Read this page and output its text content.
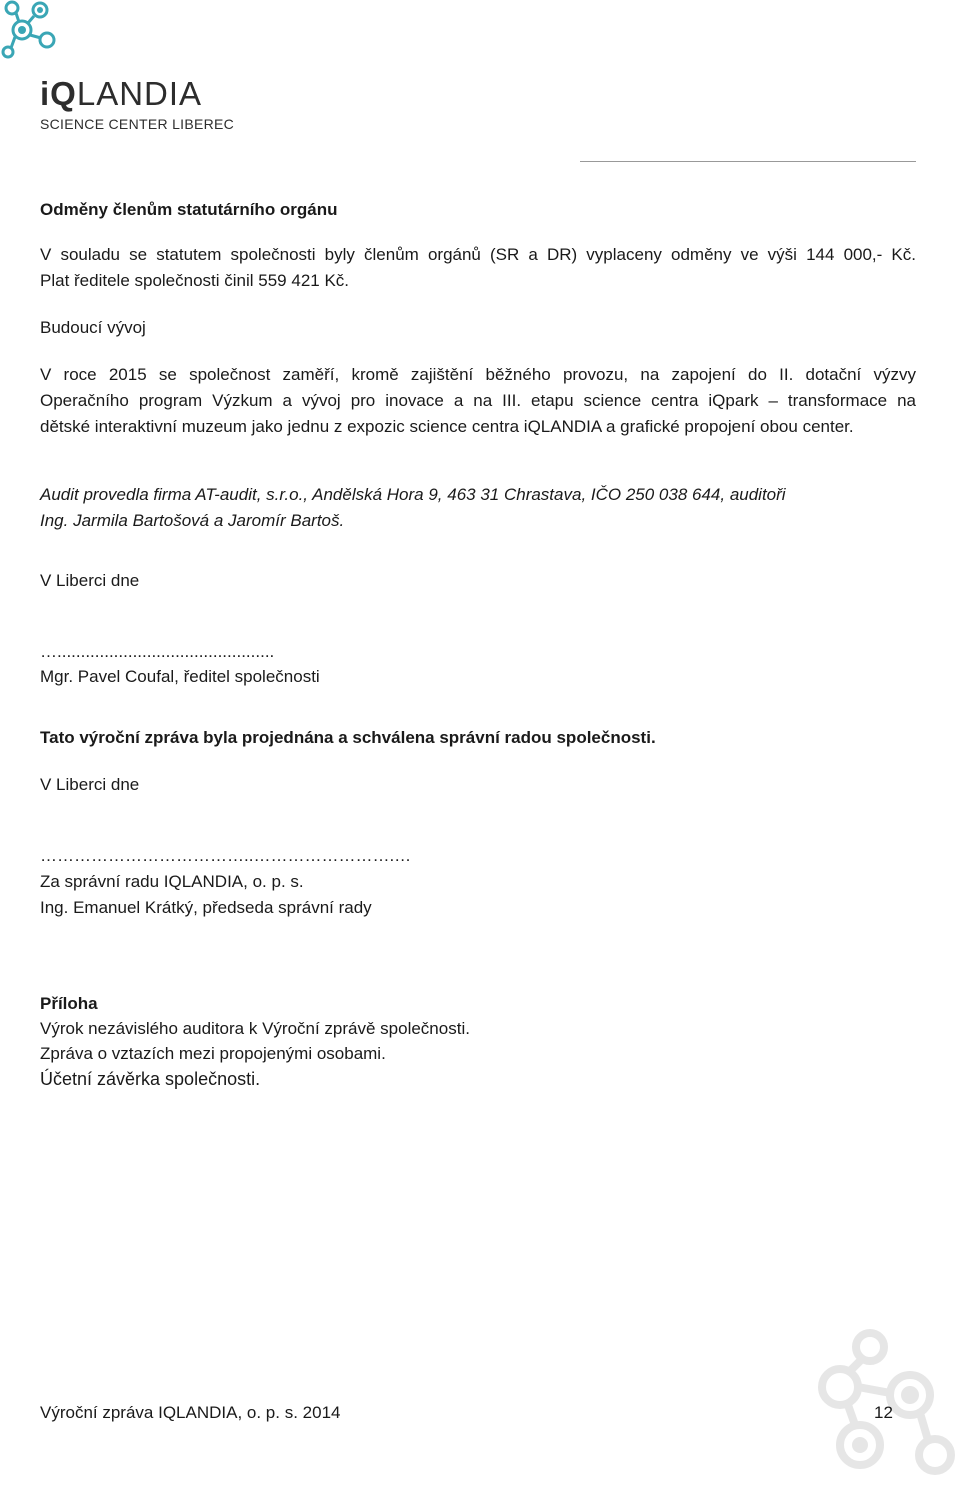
iQLANDIA
SCIENCE CENTER LIBEREC
Odměny členům statutárního orgánu
V souladu se statutem společnosti byly členům orgánů (SR a DR) vyplaceny odměny ve výši 144 000,- Kč.
Plat ředitele společnosti činil 559 421 Kč.
Budoucí vývoj
V roce 2015 se společnost zaměří, kromě zajištění běžného provozu, na zapojení do II. dotační výzvy
Operačního program Výzkum a vývoj pro inovace a na III. etapu science centra iQpark – transformace na
dětské interaktivní muzeum jako jednu z expozic science centra iQLANDIA a grafické propojení obou center.
Audit provedla firma AT-audit, s.r.o., Andělská Hora 9, 463 31 Chrastava, IČO 250 038 644, auditoři
Ing. Jarmila Bartošová a Jaromír Bartoš.
V Liberci dne
…..............................................
Mgr. Pavel Coufal, ředitel společnosti
Tato výroční zpráva byla projednána a schválena správní radou společnosti.
V Liberci dne
………………………………..…………………….…
Za správní radu IQLANDIA, o. p. s.
Ing. Emanuel Krátký, předseda správní rady
Příloha
Výrok nezávislého auditora k Výroční zprávě společnosti.
Zpráva o vztazích mezi propojenými osobami.
Účetní závěrka společnosti.
Výroční zpráva IQLANDIA, o. p. s. 2014	12
